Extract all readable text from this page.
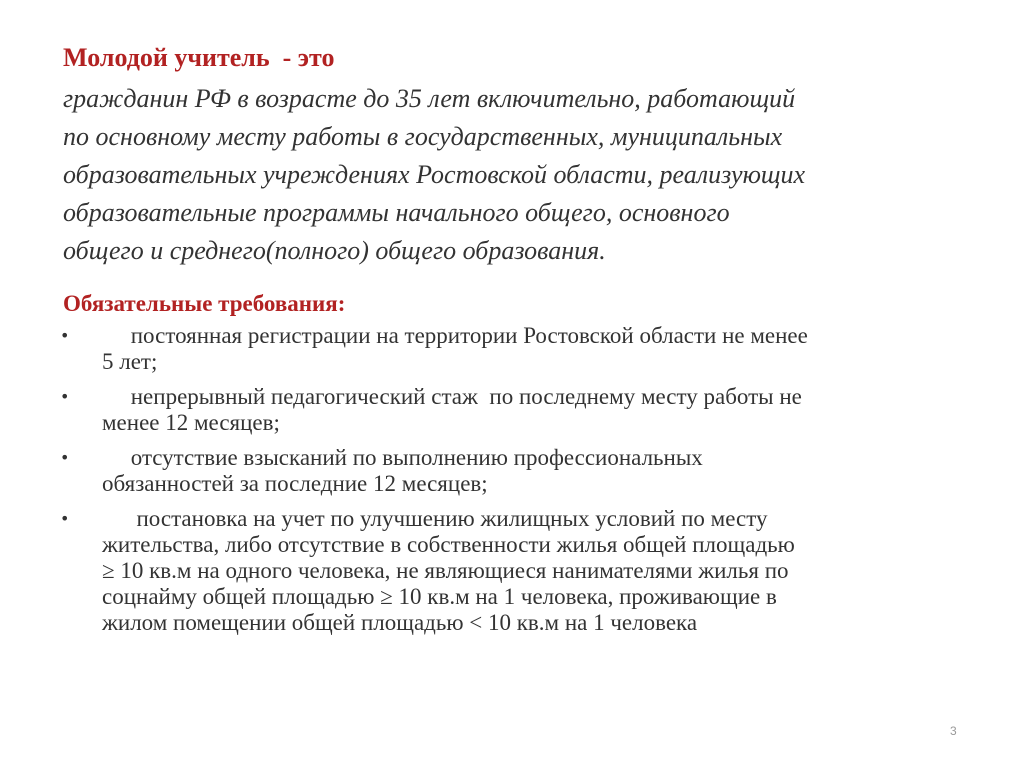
Молодой учитель  - это
гражданин РФ в возрасте до 35 лет включительно, работающий
по основному месту работы в государственных, муниципальных
образовательных учреждениях Ростовской области, реализующих
образовательные программы начального общего, основного
общего и среднего(полного) общего образования.
Обязательные требования:
• постоянная регистрации на территории Ростовской области не менее
5 лет;
• непрерывный педагогический стаж  по последнему месту работы не
менее 12 месяцев;
• отсутствие взысканий по выполнению профессиональных
обязанностей за последние 12 месяцев;
• постановка на учет по улучшению жилищных условий по месту
жительства, либо отсутствие в собственности жилья общей площадью
≥ 10 кв.м на одного человека, не являющиеся нанимателями жилья по
соцнайму общей площадью ≥ 10 кв.м на 1 человека, проживающие в
жилом помещении общей площадью < 10 кв.м на 1 человека
3
